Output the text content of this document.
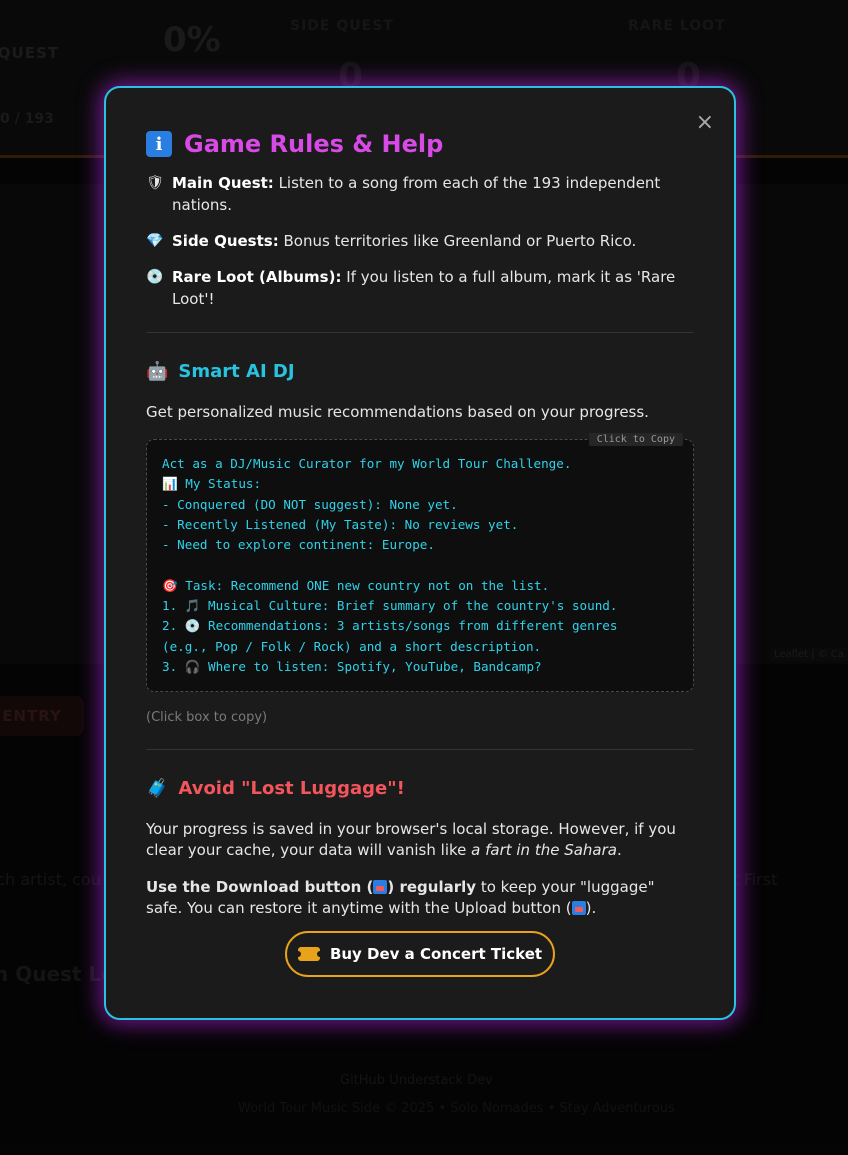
×
i Game Rules & Help
🛡 Main Quest: Listen to a song from each of the 193 independent nations.
💎 Side Quests: Bonus territories like Greenland or Puerto Rico.
💿 Rare Loot (Albums): If you listen to a full album, mark it as 'Rare Loot'!
🤖 Smart AI DJ
Get personalized music recommendations based on your progress.
Click to Copy
Act as a DJ/Music Curator for my World Tour Challenge.
📊 My Status:
- Conquered (DO NOT suggest): None yet.
- Recently Listened (My Taste): No reviews yet.
- Need to explore continent: Europe.

🎯 Task: Recommend ONE new country not on the list.
1. 🎵 Musical Culture: Brief summary of the country's sound.
2. 💿 Recommendations: 3 artists/songs from different genres
(e.g., Pop / Folk / Rock) and a short description.
3. 🎧 Where to listen: Spotify, YouTube, Bandcamp?
(Click box to copy)
🧳 Avoid "Lost Luggage"!
Your progress is saved in your browser's local storage. However, if you clear your cache, your data will vanish like a fart in the Sahara.
Use the Download button ( ) regularly to keep your "luggage" safe. You can restore it anytime with the Upload button ( ).
Buy Dev a Concert Ticket
